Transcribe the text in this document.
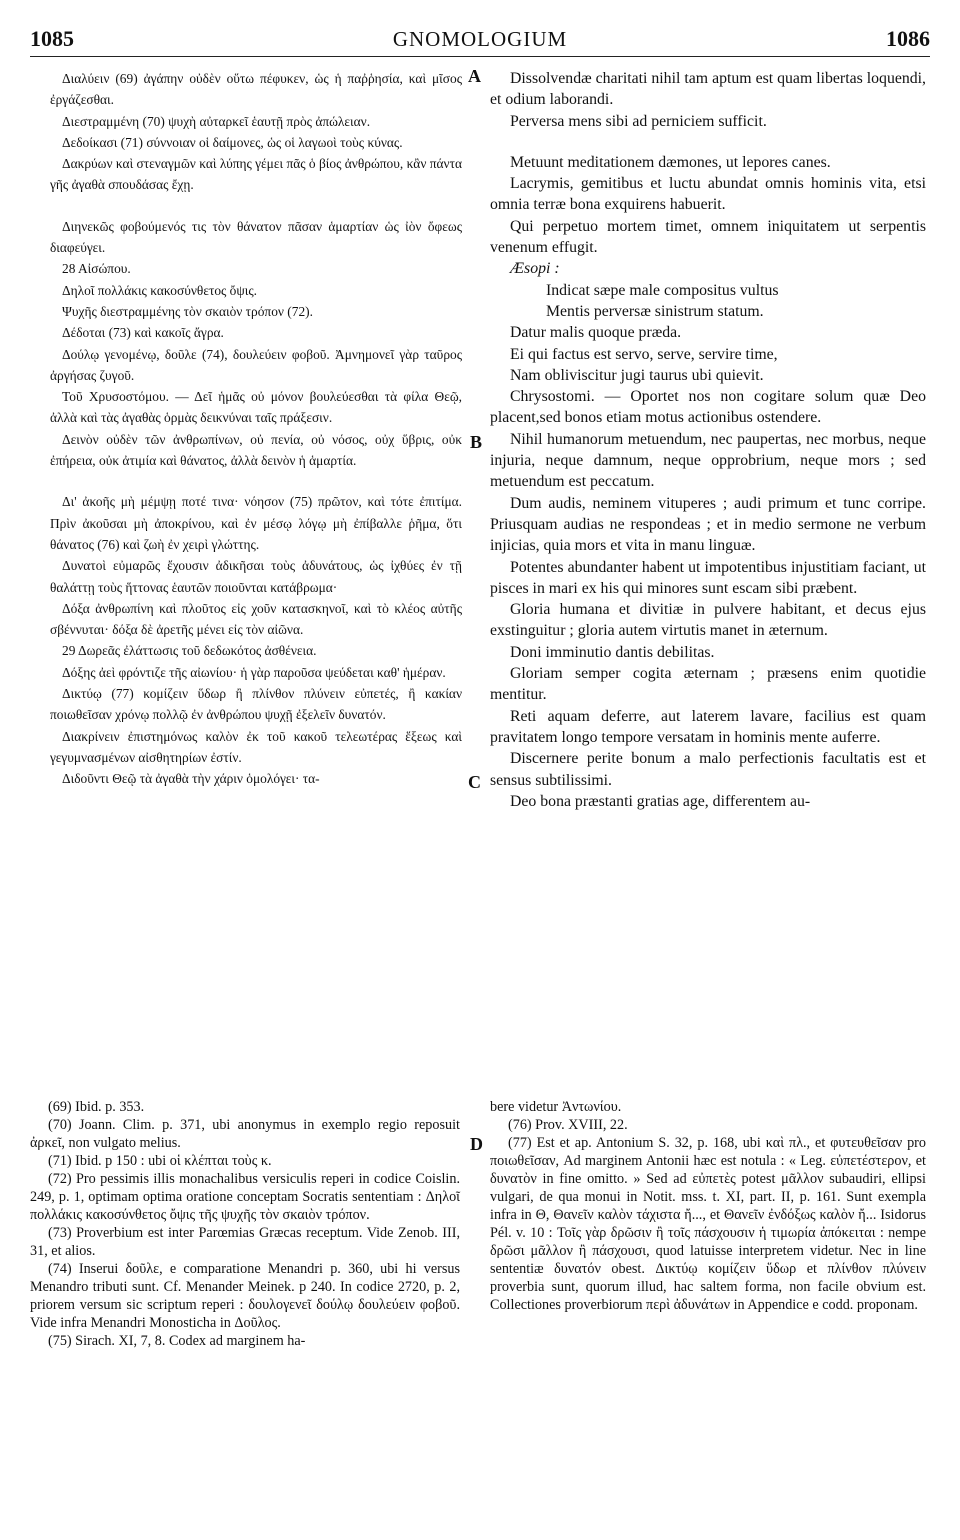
1085	GNOMOLOGIUM	1086
A
B
C
D

Διαλύειν (69) ἀγάπην οὐδὲν οὕτω πέφυκεν, ὡς ἡ παῤῥησία, καὶ μῖσος ἐργάζεσθαι.

Διεστραμμένη (70) ψυχὴ αὐταρκεῖ ἑαυτῇ πρὸς ἀπώλειαν.

Δεδοίκασι (71) σύννοιαν οἱ δαίμονες, ὡς οἱ λαγωοὶ τοὺς κύνας.

Δακρύων καὶ στεναγμῶν καὶ λύπης γέμει πᾶς ὁ βίος ἀνθρώπου, κἂν πάντα γῆς ἀγαθὰ σπουδάσας ἔχῃ.

Διηνεκῶς φοβούμενός τις τὸν θάνατον πᾶσαν ἁμαρτίαν ὡς ἰὸν ὄφεως διαφεύγει.

28 Αἰσώπου.

Δηλοῖ πολλάκις κακοσύνθετος ὄψις.

Ψυχῆς διεστραμμένης τὸν σκαιὸν τρόπον (72).

Δέδοται (73) καὶ κακοῖς ἄγρα.

Δούλῳ γενομένῳ, δοῦλε (74), δουλεύειν φοβοῦ. Ἀμνημονεῖ γὰρ ταῦρος ἀργήσας ζυγοῦ.

Τοῦ Χρυσοστόμου. — Δεῖ ἡμᾶς οὐ μόνον βουλεύεσθαι τὰ φίλα Θεῷ, ἀλλὰ καὶ τὰς ἀγαθὰς ὁρμὰς δεικνύναι ταῖς πράξεσιν.

Δεινὸν οὐδὲν τῶν ἀνθρωπίνων, οὐ πενία, οὐ νόσος, οὐχ ὕβρις, οὐκ ἐπήρεια, οὐκ ἀτιμία καὶ θάνατος, ἀλλὰ δεινὸν ἡ ἁμαρτία.

Δι' ἀκοῆς μὴ μέμψῃ ποτέ τινα· νόησον (75) πρῶτον, καὶ τότε ἐπιτίμα. Πρὶν ἀκοῦσαι μὴ ἀποκρίνου, καὶ ἐν μέσῳ λόγῳ μὴ ἐπίβαλλε ῥῆμα, ὅτι θάνατος (76) καὶ ζωὴ ἐν χειρὶ γλώττης.

Δυνατοὶ εὐμαρῶς ἔχουσιν ἀδικῆσαι τοὺς ἀδυνάτους, ὡς ἰχθύες ἐν τῇ θαλάττῃ τοὺς ἥττονας ἑαυτῶν ποιοῦνται κατάβρωμα·

Δόξα ἀνθρωπίνη καὶ πλοῦτος εἰς χοῦν κατασκηνοῖ, καὶ τὸ κλέος αὐτῆς σβέννυται· δόξα δὲ ἀρετῆς μένει εἰς τὸν αἰῶνα.

29 Δωρεᾶς ἐλάττωσις τοῦ δεδωκότος ἀσθένεια.

Δόξης ἀεὶ φρόντιζε τῆς αἰωνίου· ἡ γὰρ παροῦσα ψεύδεται καθ' ἡμέραν.

Δικτύῳ (77) κομίζειν ὕδωρ ἢ πλίνθον πλύνειν εὐπετές, ἢ κακίαν ποιωθεῖσαν χρόνῳ πολλῷ ἐν ἀνθρώπου ψυχῇ ἐξελεῖν δυνατόν.

Διακρίνειν ἐπιστημόνως καλὸν ἐκ τοῦ κακοῦ τελεωτέρας ἕξεως καὶ γεγυμνασμένων αἰσθητηρίων ἐστίν.

Διδοῦντι Θεῷ τὰ ἀγαθὰ τὴν χάριν ὁμολόγει· τα-

Dissolvendæ charitati nihil tam aptum est quam libertas loquendi, et odium laborandi.

Perversa mens sibi ad perniciem sufficit.

Metuunt meditationem dæmones, ut lepores canes.

Lacrymis, gemitibus et luctu abundat omnis hominis vita, etsi omnia terræ bona exquirens habuerit.

Qui perpetuo mortem timet, omnem iniquitatem ut serpentis venenum effugit.

Æsopi :

Indicat sæpe male compositus vultus

Mentis perversæ sinistrum statum.

Datur malis quoque præda.

Ei qui factus est servo, serve, servire time,

Nam obliviscitur jugi taurus ubi quievit.

Chrysostomi. — Oportet nos non cogitare solum quæ Deo placent,sed bonos etiam motus actionibus ostendere.

Nihil humanorum metuendum, nec paupertas, nec morbus, neque injuria, neque damnum, neque opprobrium, neque mors ; sed metuendum est peccatum.

Dum audis, neminem vituperes ; audi primum et tunc corripe. Priusquam audias ne respondeas ; et in medio sermone ne verbum injicias, quia mors et vita in manu linguæ.

Potentes abundanter habent ut impotentibus injustitiam faciant, ut pisces in mari ex his qui minores sunt escam sibi præbent.

Gloria humana et divitiæ in pulvere habitant, et decus ejus exstinguitur ; gloria autem virtutis manet in æternum.

Doni imminutio dantis debilitas.

Gloriam semper cogita æternam ; præsens enim quotidie mentitur.

Reti aquam deferre, aut laterem lavare, facilius est quam pravitatem longo tempore versatam in hominis mente auferre.

Discernere perite bonum a malo perfectionis facultatis est et sensus subtilissimi.

Deo bona præstanti gratias age, differentem au-

(69) Ibid. p. 353.

(70) Joann. Clim. p. 371, ubi anonymus in exemplo regio reposuit ἀρκεῖ, non vulgato melius.

(71) Ibid. p 150 : ubi οἱ κλέπται τοὺς κ.

(72) Pro pessimis illis monachalibus versiculis reperi in codice Coislin. 249, p. 1, optimam optima oratione conceptam Socratis sententiam : Δηλοῖ πολλάκις κακοσύνθετος ὄψις τῆς ψυχῆς τὸν σκαιὸν τρόπον.

(73) Proverbium est inter Parœmias Græcas receptum. Vide Zenob. III, 31, et alios.

(74) Inserui δοῦλε, e comparatione Menandri p. 360, ubi hi versus Menandro tributi sunt. Cf. Menander Meinek. p 240. In codice 2720, p. 2, priorem versum sic scriptum reperi : δουλογενεῖ δούλῳ δουλεύειν φοβοῦ. Vide infra Menandri Monosticha in Δοῦλος.

(75) Sirach. XI, 7, 8. Codex ad marginem ha-

bere videtur Ἀντωνίου.

(76) Prov. XVIII, 22.

(77) Est et ap. Antonium S. 32, p. 168, ubi καὶ πλ., et φυτευθεῖσαν pro ποιωθεῖσαν, Ad marginem Antonii hæc est notula : « Leg. εὐπετέστερον, et δυνατὸν in fine omitto. » Sed ad εὐπετὲς potest μᾶλλον subaudiri, ellipsi vulgari, de qua monui in Notit. mss. t. XI, part. II, p. 161. Sunt exempla infra in Θ, Θανεῖν καλὸν τάχιστα ἤ..., et Θανεῖν ἐνδόξως καλὸν ἤ... Isidorus Pél. v. 10 : Τοῖς γὰρ δρῶσιν ἢ τοῖς πάσχουσιν ἡ τιμωρία ἀπόκειται : nempe δρῶσι μᾶλλον ἢ πάσχουσι, quod latuisse interpretem videtur. Nec in line sententiæ δυνατόν obest. Δικτύῳ κομίζειν ὕδωρ et πλίνθον πλύνειν proverbia sunt, quorum illud, hac saltem forma, non facile obvium est. Collectiones proverbiorum περὶ ἀδυνάτων in Appendice e codd. proponam.
